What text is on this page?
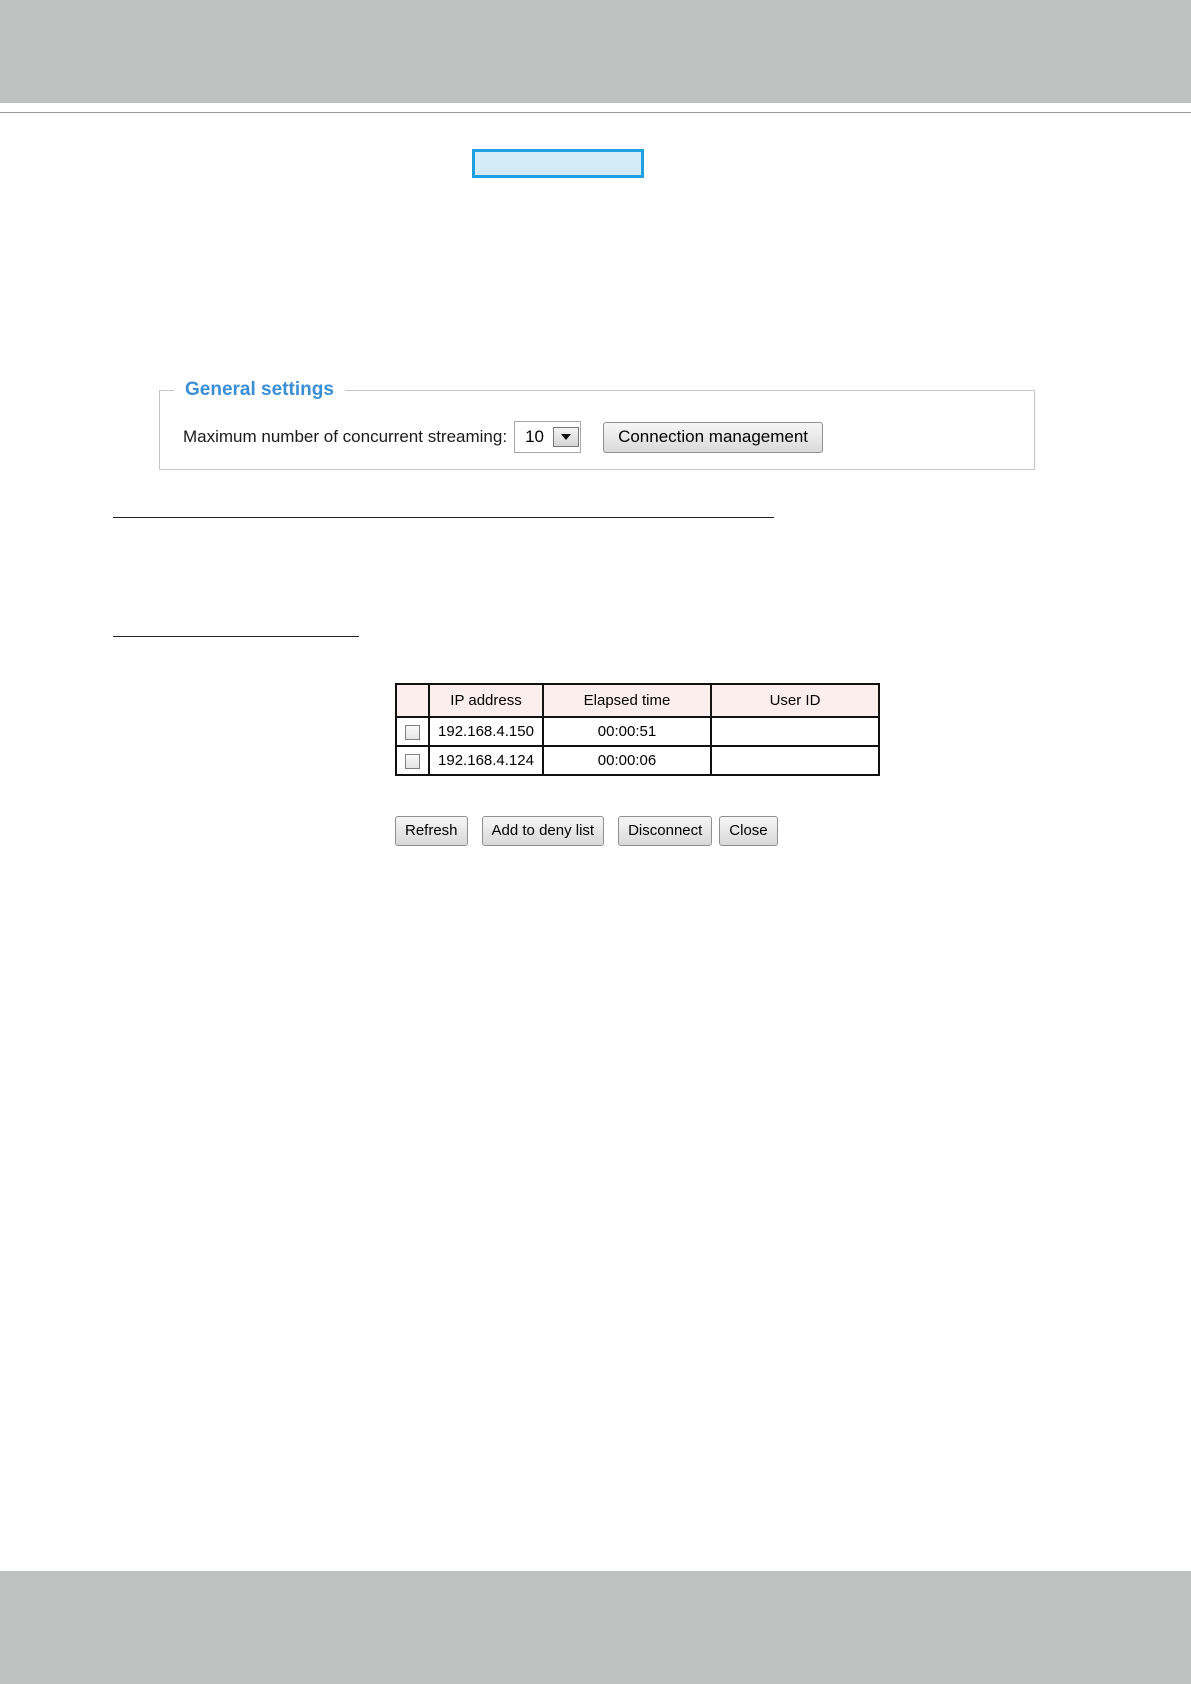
General settings
Maximum number of concurrent streaming: 10	Connection management
	IP address	Elapsed time	User ID
	192.168.4.150	00:00:51	
	192.168.4.124	00:00:06	
Refresh	Add to deny list	Disconnect	Close
